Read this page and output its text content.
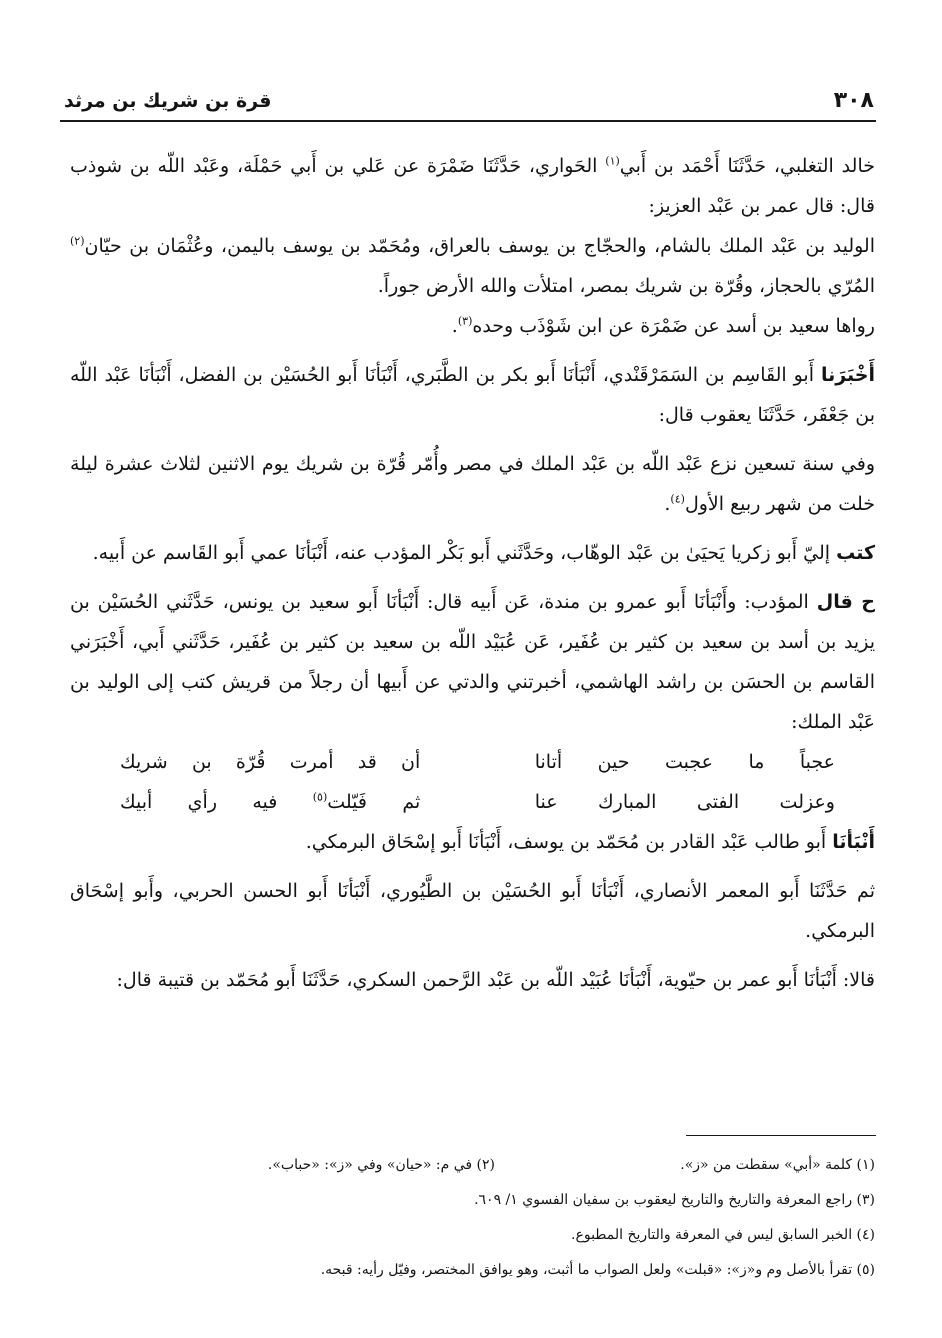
٣٠٨
قرة بن شريك بن مرثد

خالد التغلبي، حَدَّثَنَا أَحْمَد بن أَبي$^{(١)}$ الحَواري، حَدَّثَنَا ضَمْرَة عن عَلي بن أَبي حَمْلَة، وعَبْد اللّه بن شوذب قال: قال عمر بن عَبْد العزيز:

الوليد بن عَبْد الملك بالشام، والحجّاج بن يوسف بالعراق، ومُحَمّد بن يوسف باليمن، وعُثْمَان بن حيّان$^{(٢)}$ المُرّي بالحجاز، وقُرّة بن شريك بمصر، امتلأت والله الأرض جوراً.

رواها سعيد بن أسد عن ضَمْرَة عن ابن شَوْذَب وحده$^{(٣)}$.

أَخْبَرَنا أَبو القَاسِم بن السَمَرْقَنْدي، أَنْبَأنَا أَبو بكر بن الطَّبَري، أَنْبَأنَا أَبو الحُسَيْن بن الفضل، أَنْبَأنَا عَبْد اللّه بن جَعْفَر، حَدَّثَنَا يعقوب قال:

وفي سنة تسعين نزع عَبْد اللّه بن عَبْد الملك في مصر وأُمّر قُرّة بن شريك يوم الاثنين لثلاث عشرة ليلة خلت من شهر ربيع الأول$^{(٤)}$.

كتب إليّ أَبو زكريا يَحيَىٰ بن عَبْد الوهّاب، وحَدَّثَني أَبو بَكْر المؤدب عنه، أَنْبَأنَا عمي أَبو القَاسم عن أَبيه.

ح قال المؤدب: وأَنْبَأنَا أَبو عمرو بن مندة، عَن أَبيه قال: أَنْبَأنَا أَبو سعيد بن يونس، حَدَّثَني الحُسَيْن بن يزيد بن أسد بن سعيد بن كثير بن عُفَير، عَن عُبَيْد اللّه بن سعيد بن كثير بن عُفَير، حَدَّثَني أَبي، أَخْبَرَني القاسم بن الحسَن بن راشد الهاشمي، أخبرتني والدتي عن أَبيها أن رجلاً من قريش كتب إلى الوليد بن عَبْد الملك:

عجباً ما عجبت حين أتانا
أن قد أمرت قُرّة بن شريك
وعزلت الفتى المبارك عنا
ثم فَيّلت$^{(٥)}$ فيه رأي أبيك

أَنْبَأنَا أَبو طالب عَبْد القادر بن مُحَمّد بن يوسف، أَنْبَأنَا أَبو إسْحَاق البرمكي.

ثم حَدَّثَنَا أَبو المعمر الأنصاري، أَنْبَأنَا أَبو الحُسَيْن بن الطَّيُوري، أَنْبَأنَا أَبو الحسن الحربي، وأَبو إسْحَاق البرمكي.

قالا: أَنْبَأنَا أَبو عمر بن حيّوية، أَنْبَأنَا عُبَيْد اللّه بن عَبْد الرَّحمن السكري، حَدَّثَنَا أَبو مُحَمّد بن قتيبة قال:

(١) كلمة «أبي» سقطت من «ز».(٢) في م: «حيان» وفي «ز»: «حباب».
(٣) راجع المعرفة والتاريخ والتاريخ ليعقوب بن سفيان الفسوي ١/ ٦٠٩.
(٤) الخبر السابق ليس في المعرفة والتاريخ المطبوع.
(٥) تقرأ بالأصل وم و«ز»: «قبلت» ولعل الصواب ما أثبت، وهو يوافق المختصر، وفيّل رأيه: قبحه.
